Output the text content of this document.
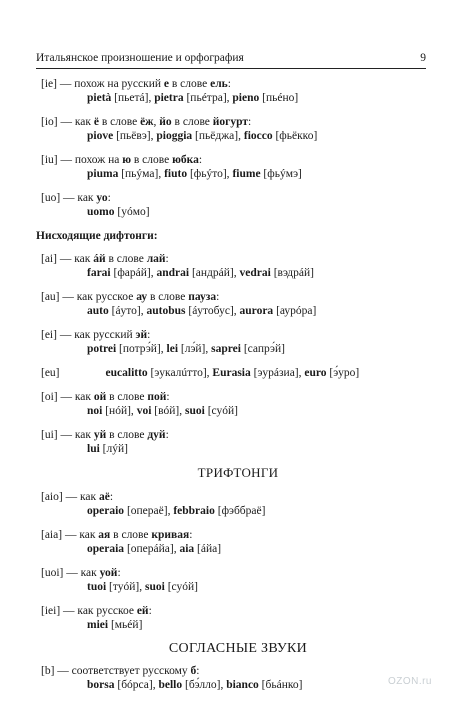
Итальянское произношение и орфография	9
[ie] — похож на русский е в слове ель:
pietà [пьетá], pietra [пьéтра], pieno [пьéно]
[io] — как ё в слове ёж, йо в слове йогурт:
piove [пьёвэ], pioggia [пьёджа], fiocco [фьёкко]
[iu] — похож на ю в слове юбка:
piuma [пьýма], fiuto [фьýто], fiume [фьýмэ]
[uo] — как уо:
uomo [уóмо]
Нисходящие дифтонги:
[ai] — как áй в слове лай:
farai [фарáй], andrai [андрáй], vedrai [вэдрáй]
[au] — как русское ау в слове пауза:
auto [áуто], autobus [áутобус], aurora [аурóра]
[ei] — как русский эй:
potrei [потрэ́й], lei [лэ́й], saprei [сапрэ́й]
[eu]	eucalitto [эукалúтто], Eurasia [эурáзиа], euro [э́уро]
[oi] — как ой в слове пой:
noi [нóй], voi [вóй], suoi [суóй]
[ui] — как уй в слове дуй:
lui [лýй]
ТРИФТОНГИ
[aio] — как аё:
operaio [операё], febbraio [фэббраё]
[aia] — как ая в слове кривая:
operaia [оперáйа], aia [áйа]
[uoi] — как уой:
tuoi [туóй], suoi [суóй]
[iei] — как русское ей:
miei [мьéй]
СОГЛАСНЫЕ ЗВУКИ
[b] — соответствует русскому б:
borsa [бóрса], bello [бэ́лло], bianco [бьáнко]	OZON.ru
